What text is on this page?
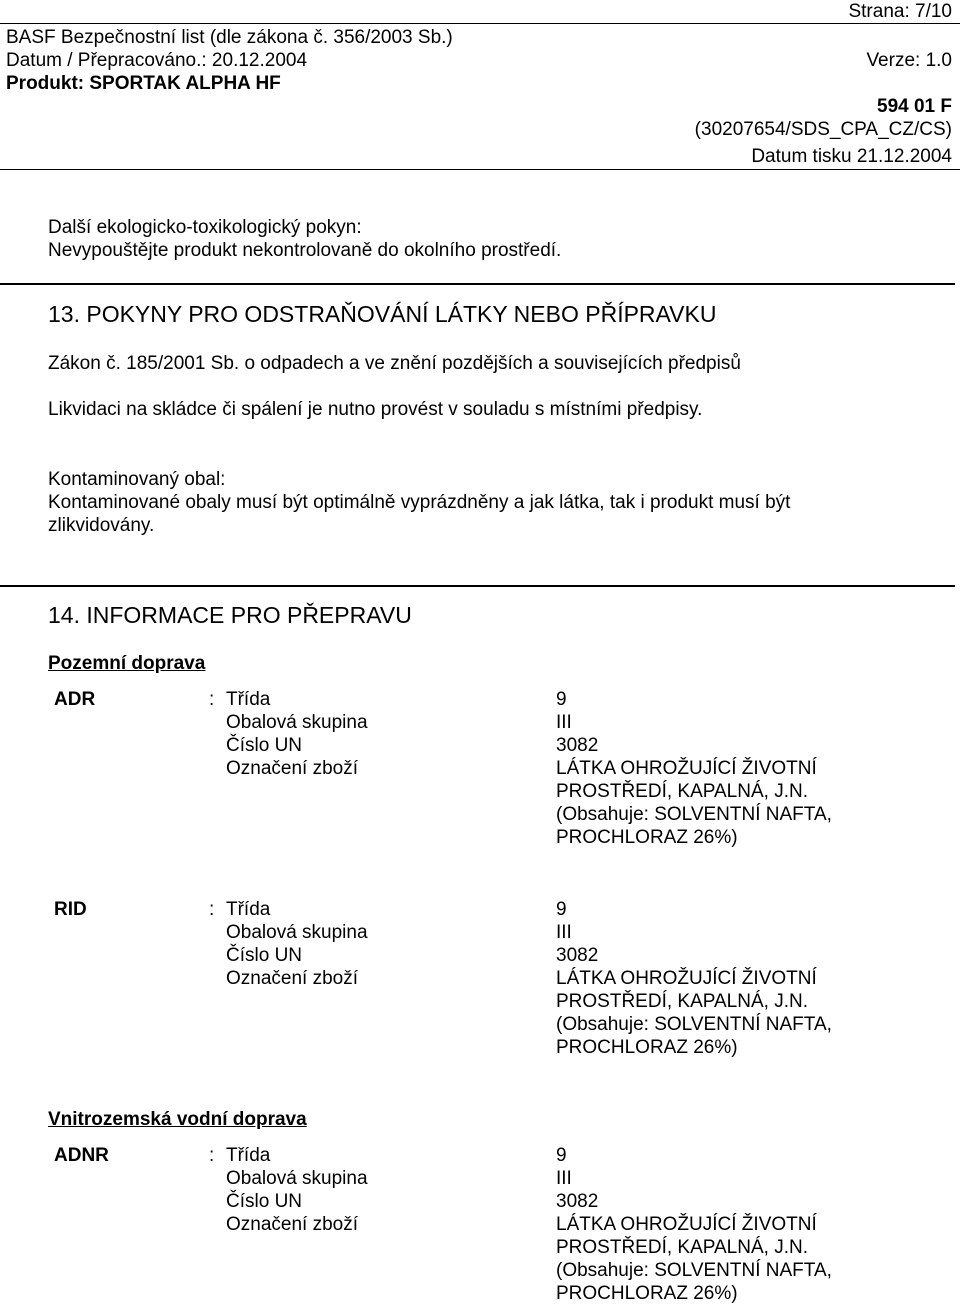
Strana: 7/10
BASF Bezpečnostní list (dle zákona č. 356/2003 Sb.)
Datum / Přepracováno.: 20.12.2004	Verze: 1.0
Produkt: SPORTAK ALPHA HF
594 01 F
(30207654/SDS_CPA_CZ/CS)
Datum tisku 21.12.2004
Další ekologicko-toxikologický pokyn:
Nevypouštějte produkt nekontrolovaně do okolního prostředí.
13. POKYNY PRO ODSTRAŇOVÁNÍ LÁTKY NEBO PŘÍPRAVKU
Zákon č. 185/2001 Sb. o odpadech a ve znění pozdějších a souvisejících předpisů
Likvidaci na skládce či spálení je nutno provést v souladu s místními předpisy.
Kontaminovaný obal:
Kontaminované obaly musí být optimálně vyprázdněny a jak látka, tak i produkt musí být
zlikvidovány.
14. INFORMACE PRO PŘEPRAVU
Pozemní doprava
ADR	: Třída	9
Obalová skupina	III
Číslo UN	3082
Označení zboží	LÁTKA OHROŽUJÍCÍ ŽIVOTNÍ
PROSTŘEDÍ, KAPALNÁ, J.N.
(Obsahuje: SOLVENTNÍ NAFTA,
PROCHLORAZ 26%)
RID	: Třída	9
Obalová skupina	III
Číslo UN	3082
Označení zboží	LÁTKA OHROŽUJÍCÍ ŽIVOTNÍ
PROSTŘEDÍ, KAPALNÁ, J.N.
(Obsahuje: SOLVENTNÍ NAFTA,
PROCHLORAZ 26%)
Vnitrozemská vodní doprava
ADNR	: Třída	9
Obalová skupina	III
Číslo UN	3082
Označení zboží	LÁTKA OHROŽUJÍCÍ ŽIVOTNÍ
PROSTŘEDÍ, KAPALNÁ, J.N.
(Obsahuje: SOLVENTNÍ NAFTA,
PROCHLORAZ 26%)
